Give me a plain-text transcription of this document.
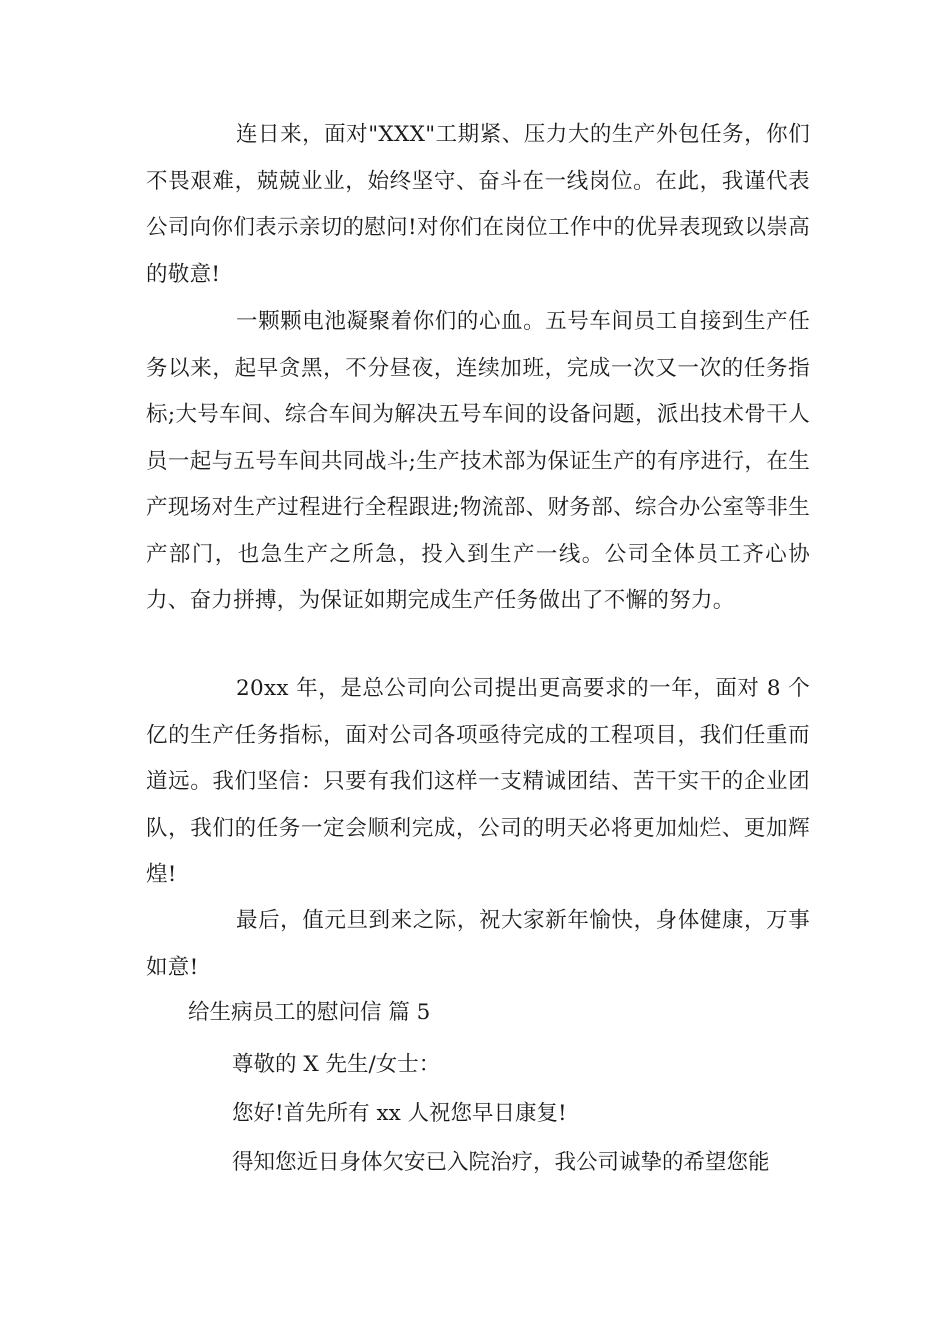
连日来，面对"XXX"工期紧、压力大的生产外包任务，你们不畏艰难，兢兢业业，始终坚守、奋斗在一线岗位。在此，我谨代表公司向你们表示亲切的慰问!对你们在岗位工作中的优异表现致以崇高的敬意!

一颗颗电池凝聚着你们的心血。五号车间员工自接到生产任务以来，起早贪黑，不分昼夜，连续加班，完成一次又一次的任务指标;大号车间、综合车间为解决五号车间的设备问题，派出技术骨干人员一起与五号车间共同战斗;生产技术部为保证生产的有序进行，在生产现场对生产过程进行全程跟进;物流部、财务部、综合办公室等非生产部门，也急生产之所急，投入到生产一线。公司全体员工齐心协力、奋力拼搏，为保证如期完成生产任务做出了不懈的努力。

20xx 年，是总公司向公司提出更高要求的一年，面对 8 个亿的生产任务指标，面对公司各项亟待完成的工程项目，我们任重而道远。我们坚信：只要有我们这样一支精诚团结、苦干实干的企业团队，我们的任务一定会顺利完成，公司的明天必将更加灿烂、更加辉煌!

最后，值元旦到来之际，祝大家新年愉快，身体健康，万事如意!

给生病员工的慰问信 篇 5

尊敬的 X 先生/女士：

您好!首先所有 xx 人祝您早日康复!

得知您近日身体欠安已入院治疗，我公司诚挚的希望您能
